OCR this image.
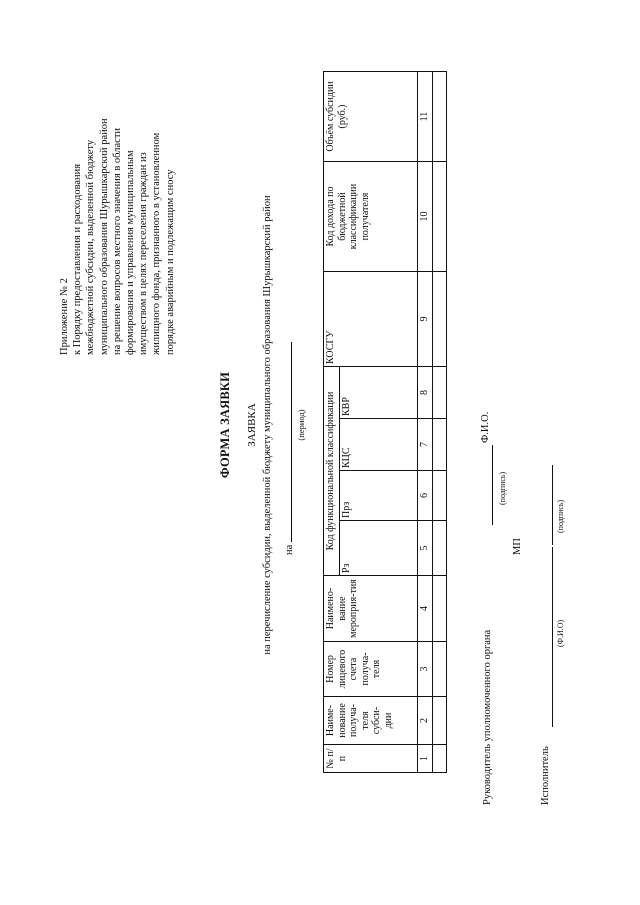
Приложение № 2 к Порядку предоставления и расходования межбюджетной субсидии, выделенной бюджету муниципального образования Шурышкарский район на решение вопросов местного значения в области формирования и управления муниципальным имуществом в целях переселения граждан из жилищного фонда, признанного в установленном порядке аварийным и подлежащим сносу
ФОРМА ЗАЯВКИ ЗАЯВКА на перечисление субсидии, выделенной бюджету муниципального образования Шурышкарский район	на
(период)
№ п/п	Наиме-нование получа-теля субси-дии	Номер лицевого счета получа-теля	Наимено-вание мероприя-тия	Код функциональной классификации				КОСГУ	Код дохода по бюджетной классификации получателя	Объём субсидии (руб.)
				Рз	Прз	КЦС	КВР			
1	2	3	4	5	6	7	8	9	10	11

Руководитель уполномоченного органа
Ф.И.О.
(подпись)
МП
Исполнитель
(Ф.И.О)
(подпись)
